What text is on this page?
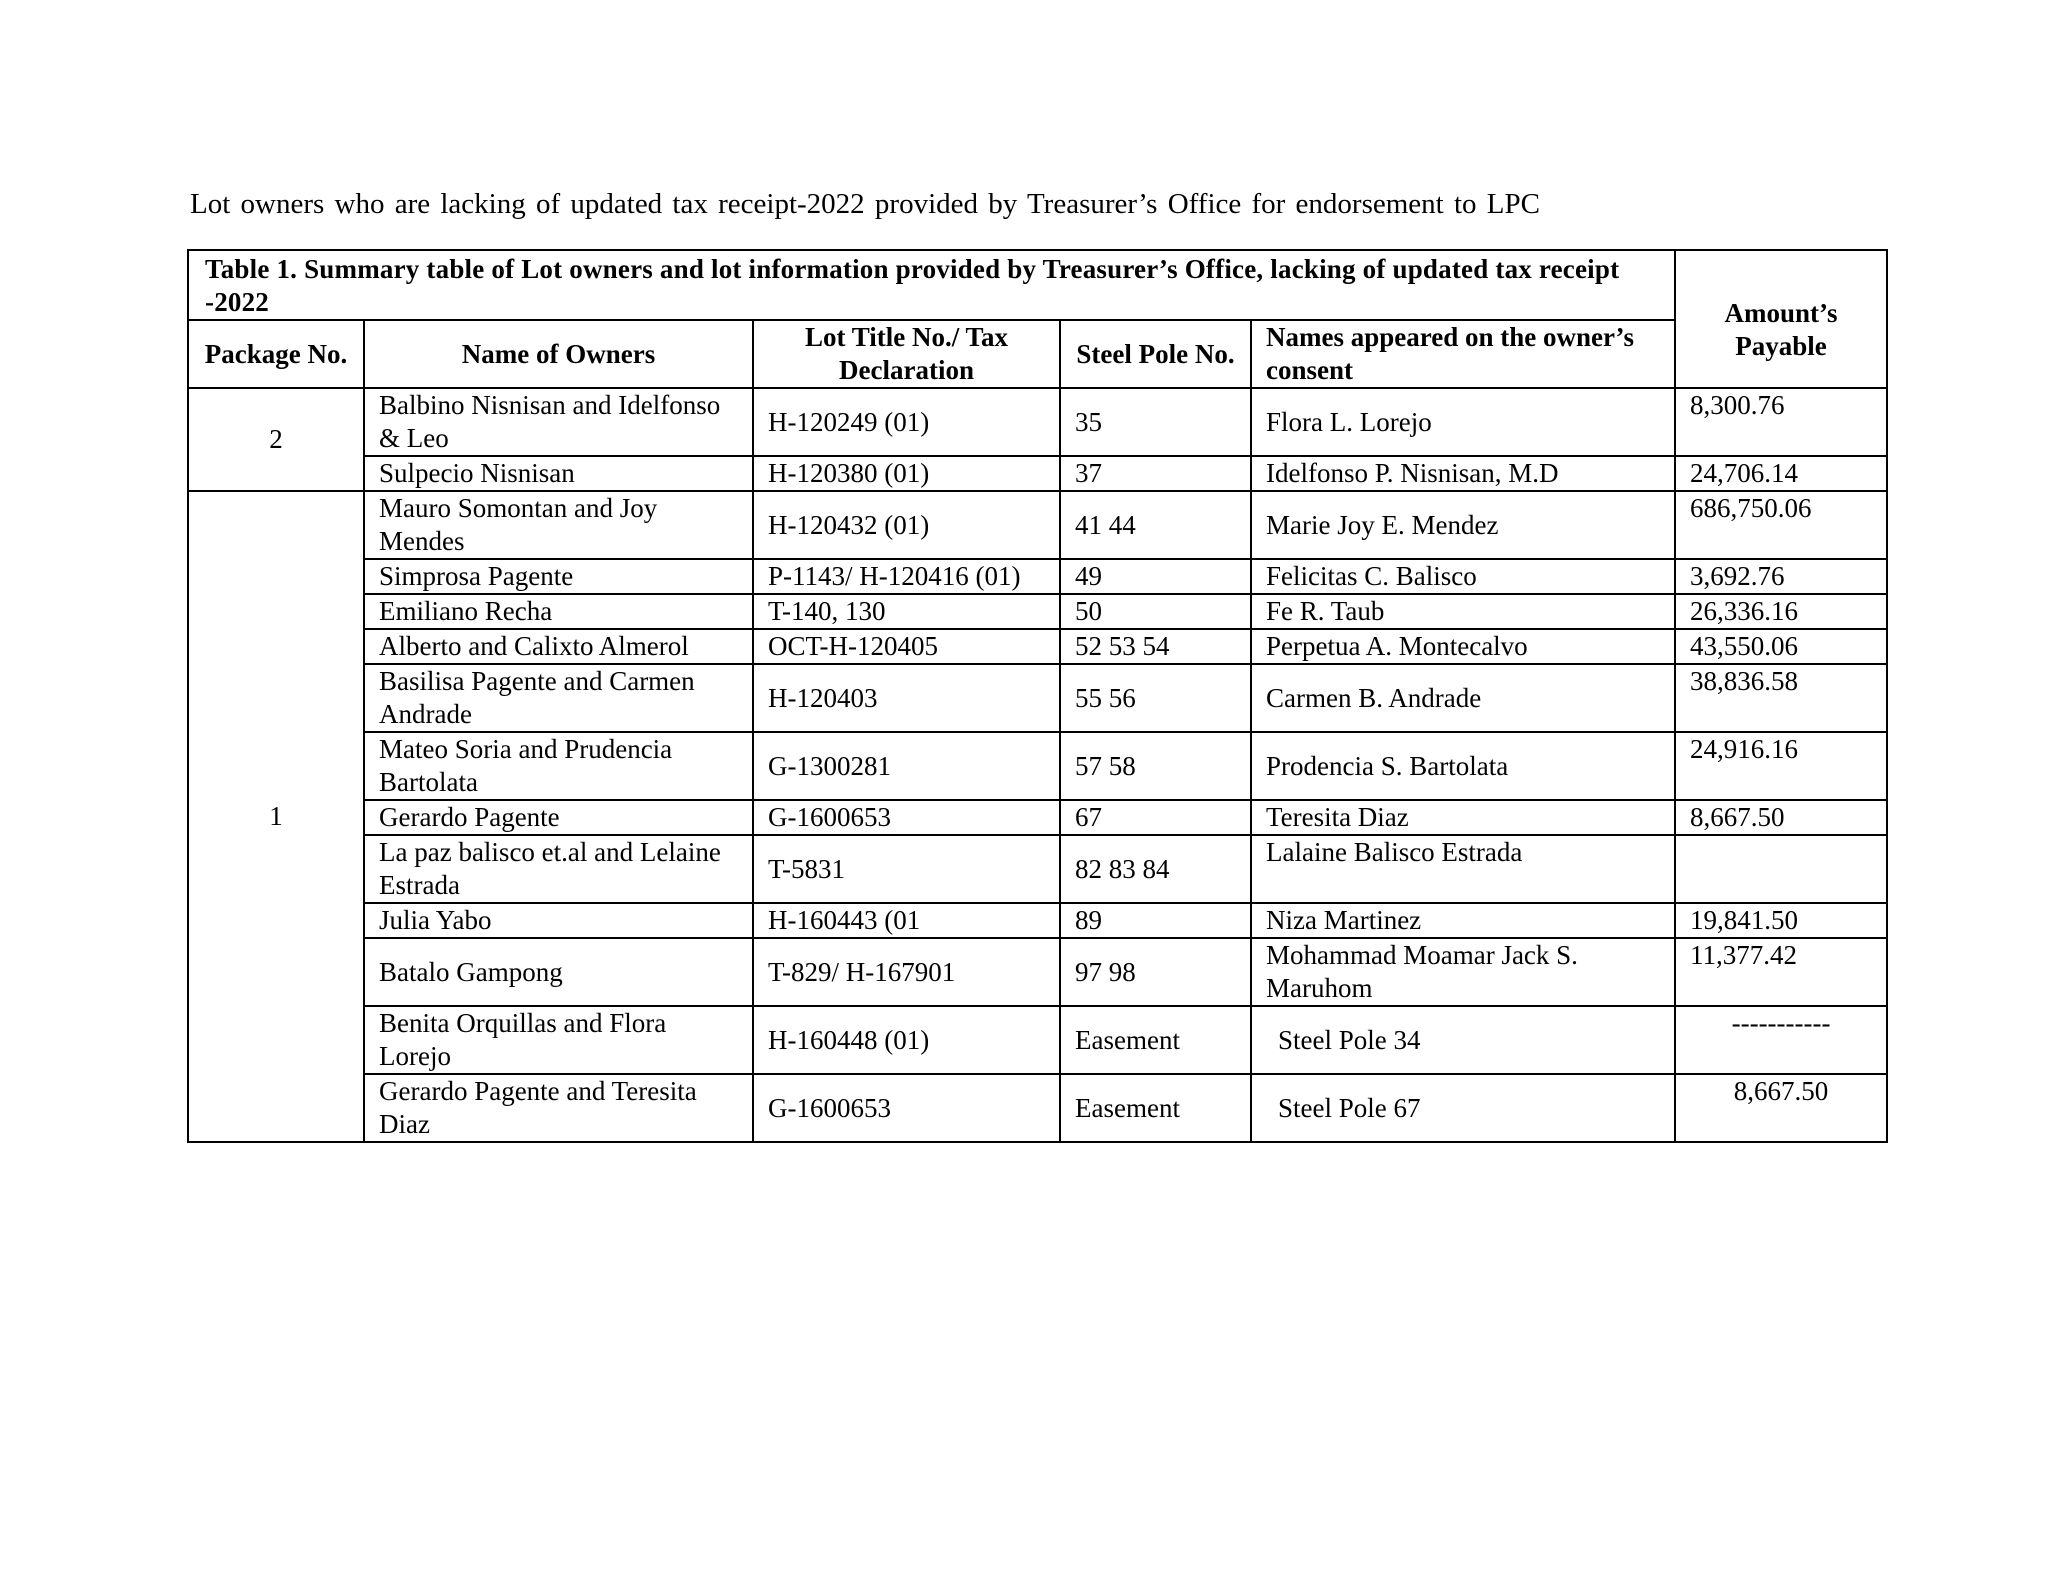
Lot owners who are lacking of updated tax receipt-2022 provided by Treasurer’s Office for endorsement to LPC
Table 1. Summary table of Lot owners and lot information provided by Treasurer’s Office, lacking of updated tax receipt -2022					Amount’s Payable
Package No.	Name of Owners	Lot Title No./ Tax Declaration	Steel Pole No.	Names appeared on the owner’s consent	
2	Balbino Nisnisan and Idelfonso & Leo	H-120249 (01)	35	Flora L. Lorejo	8,300.76
	Sulpecio Nisnisan	H-120380 (01)	37	Idelfonso P. Nisnisan, M.D	24,706.14
1	Mauro Somontan and Joy Mendes	H-120432 (01)	41 44	Marie Joy E. Mendez	686,750.06
	Simprosa Pagente	P-1143/ H-120416 (01)	49	Felicitas C. Balisco	3,692.76
	Emiliano Recha	T-140, 130	50	Fe R. Taub	26,336.16
	Alberto and Calixto Almerol	OCT-H-120405	52 53 54	Perpetua A. Montecalvo	43,550.06
	Basilisa Pagente and Carmen Andrade	H-120403	55 56	Carmen B. Andrade	38,836.58
	Mateo Soria and Prudencia Bartolata	G-1300281	57 58	Prodencia S. Bartolata	24,916.16
	Gerardo Pagente	G-1600653	67	Teresita Diaz	8,667.50
	La paz balisco et.al and Lelaine Estrada	T-5831	82 83 84	Lalaine Balisco Estrada	
	Julia Yabo	H-160443 (01	89	Niza Martinez	19,841.50
	Batalo Gampong	T-829/ H-167901	97 98	Mohammad Moamar Jack S. Maruhom	11,377.42
	Benita Orquillas and Flora Lorejo	H-160448 (01)	Easement	Steel Pole 34	-----------
	Gerardo Pagente and Teresita Diaz	G-1600653	Easement	Steel Pole 67	8,667.50
